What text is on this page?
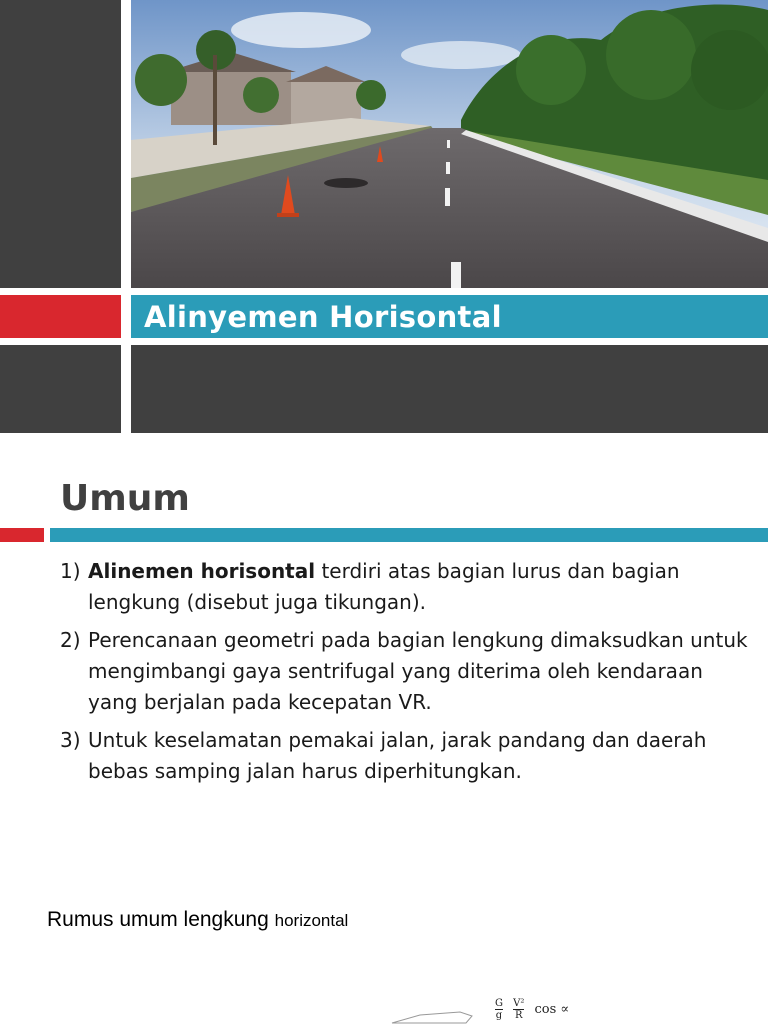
Alinyemen Horisontal
Umum
1) Alinemen horisontal terdiri atas bagian lurus dan bagian lengkung (disebut juga tikungan).
2) Perencanaan geometri pada bagian lengkung dimaksudkan untuk mengimbangi gaya sentrifugal yang diterima oleh kendaraan yang berjalan pada kecepatan VR.
3) Untuk keselamatan pemakai jalan, jarak pandang dan daerah bebas samping jalan harus diperhitungkan.

Rumus umum lengkung horizontal

$\frac{G}{g}$
$\frac{\text{V²}}{R}$ cos ∝
